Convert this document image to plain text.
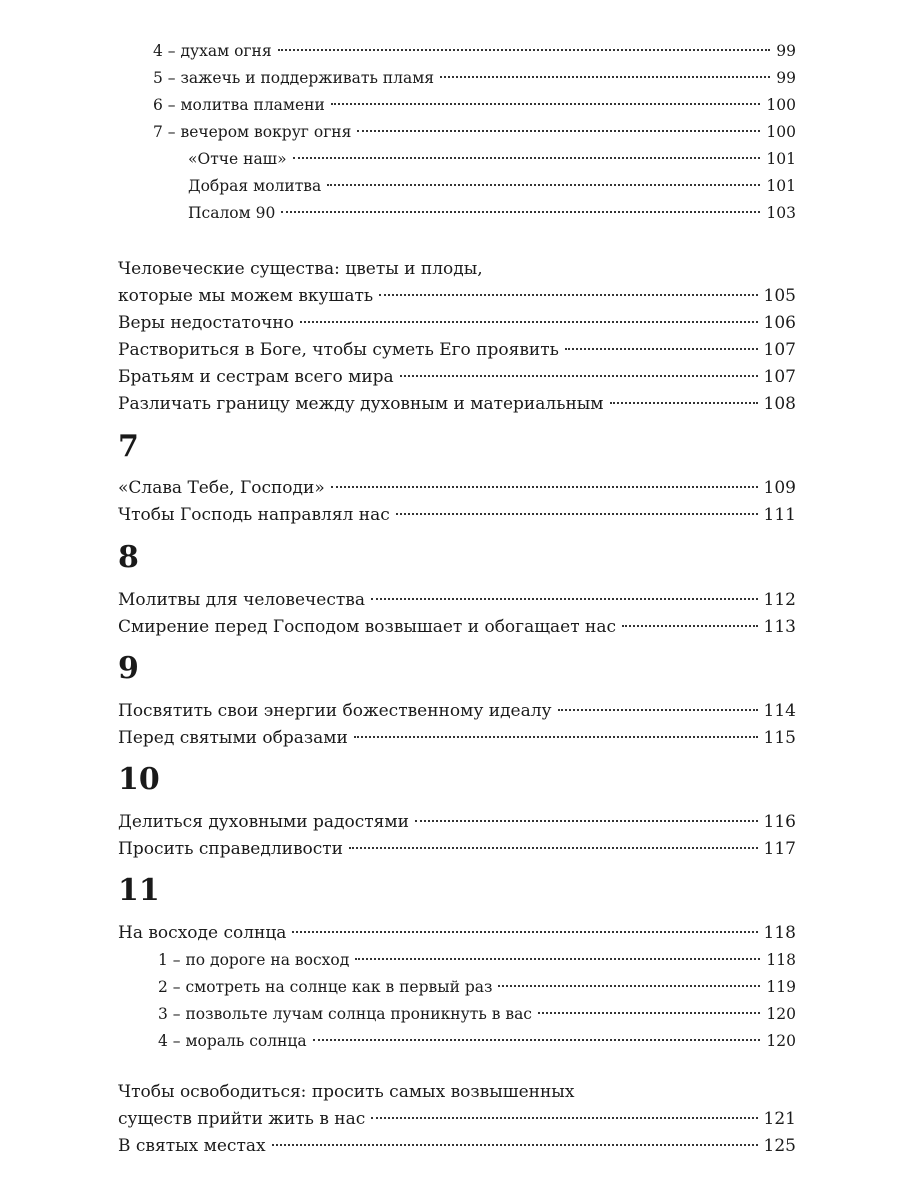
4 – духам огня	99
5 – зажечь и поддерживать пламя	99
6 – молитва пламени	100
7 – вечером вокруг огня	100
«Отче наш»	101
Добрая молитва	101
Псалом 90	103
Человеческие существа: цветы и плоды,
которые мы можем вкушать	105
Веры недостаточно	106
Раствориться в Боге, чтобы суметь Его проявить	107
Братьям и сестрам всего мира	107
Различать границу между духовным и материальным	108
7
«Слава Тебе, Господи»	109
Чтобы Господь направлял нас	111
8
Молитвы для человечества	112
Смирение перед Господом возвышает и обогащает нас	113
9
Посвятить свои энергии божественному идеалу	114
Перед святыми образами	115
10
Делиться духовными радостями	116
Просить справедливости	117
11
На восходе солнца	118
1 – по дороге на восход	118
2 – смотреть на солнце как в первый раз	119
3 – позвольте лучам солнца проникнуть в вас	120
4 – мораль солнца	120
Чтобы освободиться: просить самых возвышенных
существ прийти жить в нас	121
В святых местах	125
